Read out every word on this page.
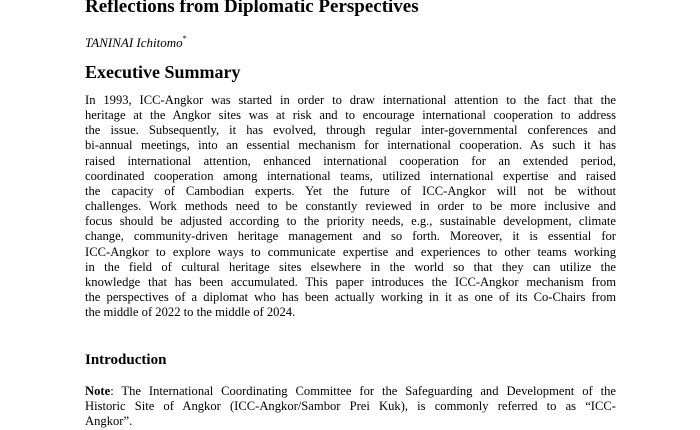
Reflections from Diplomatic Perspectives

TANINAI Ichitomo*

Executive Summary
In 1993, ICC-Angkor was started in order to draw international attention to the fact that the
heritage at the Angkor sites was at risk and to encourage international cooperation to address
the issue. Subsequently, it has evolved, through regular inter-governmental conferences and
bi-annual meetings, into an essential mechanism for international cooperation. As such it has
raised international attention, enhanced international cooperation for an extended period,
coordinated cooperation among international teams, utilized international expertise and raised
the capacity of Cambodian experts. Yet the future of ICC-Angkor will not be without
challenges. Work methods need to be constantly reviewed in order to be more inclusive and
focus should be adjusted according to the priority needs, e.g., sustainable development, climate
change, community-driven heritage management and so forth. Moreover, it is essential for
ICC-Angkor to explore ways to communicate expertise and experiences to other teams working
in the field of cultural heritage sites elsewhere in the world so that they can utilize the
knowledge that has been accumulated. This paper introduces the ICC-Angkor mechanism from
the perspectives of a diplomat who has been actually working in it as one of its Co-Chairs from
the middle of 2022 to the middle of 2024.
Introduction
Note: The International Coordinating Committee for the Safeguarding and Development of the
Historic Site of Angkor (ICC-Angkor/Sambor Prei Kuk), is commonly referred to as “ICC-
Angkor”.
